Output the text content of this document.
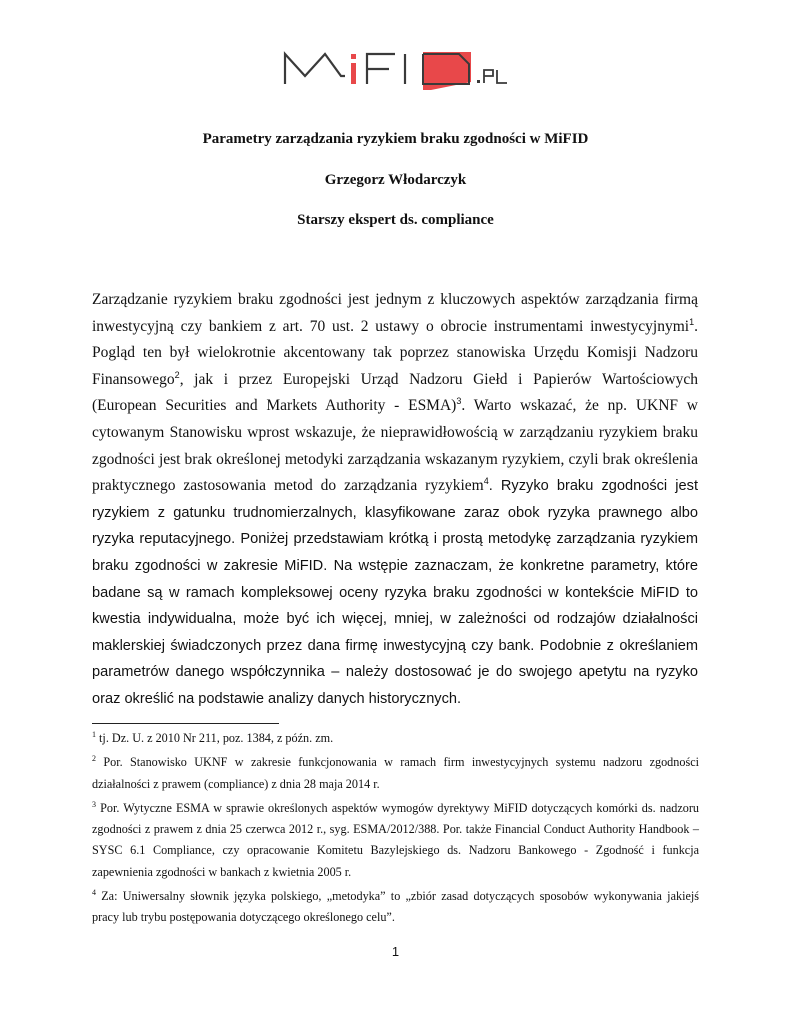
Parametry zarządzania ryzykiem braku zgodności w MiFID
Grzegorz Włodarczyk
Starszy ekspert ds. compliance

Zarządzanie ryzykiem braku zgodności jest jednym z kluczowych aspektów zarządzania firmą inwestycyjną czy bankiem z art. 70 ust. 2 ustawy o obrocie instrumentami inwestycyjnymi$^1$. Pogląd ten był wielokrotnie akcentowany tak poprzez stanowiska Urzędu Komisji Nadzoru Finansowego$^2$, jak i przez Europejski Urząd Nadzoru Giełd i Papierów Wartościowych (European Securities and Markets Authority - ESMA)$^3$. Warto wskazać, że np. UKNF w cytowanym Stanowisku wprost wskazuje, że nieprawidłowością w zarządzaniu ryzykiem braku zgodności jest brak określonej metodyki zarządzania wskazanym ryzykiem, czyli brak określenia praktycznego zastosowania metod do zarządzania ryzykiem$^4$. Ryzyko braku zgodności jest ryzykiem z gatunku trudnomierzalnych, klasyfikowane zaraz obok ryzyka prawnego albo ryzyka reputacyjnego. Poniżej przedstawiam krótką i prostą metodykę zarządzania ryzykiem braku zgodności w zakresie MiFID. Na wstępie zaznaczam, że konkretne parametry, które badane są w ramach kompleksowej oceny ryzyka braku zgodności w kontekście MiFID to kwestia indywidualna, może być ich więcej, mniej, w zależności od rodzajów działalności maklerskiej świadczonych przez dana firmę inwestycyjną czy bank. Podobnie z określaniem parametrów danego współczynnika – należy dostosować je do swojego apetytu na ryzyko oraz określić na podstawie analizy danych historycznych.

$^1$ tj. Dz. U. z 2010 Nr 211, poz. 1384, z późn. zm.

$^2$ Por. Stanowisko UKNF w zakresie funkcjonowania w ramach firm inwestycyjnych systemu nadzoru zgodności działalności z prawem (compliance) z dnia 28 maja 2014 r.

$^3$ Por. Wytyczne ESMA w sprawie określonych aspektów wymogów dyrektywy MiFID dotyczących komórki ds. nadzoru zgodności z prawem z dnia 25 czerwca 2012 r., syg. ESMA/2012/388. Por. także Financial Conduct Authority Handbook – SYSC 6.1 Compliance, czy opracowanie Komitetu Bazylejskiego ds. Nadzoru Bankowego - Zgodność i funkcja zapewnienia zgodności w bankach z kwietnia 2005 r.

$^4$ Za: Uniwersalny słownik języka polskiego, „metodyka” to „zbiór zasad dotyczących sposobów wykonywania jakiejś pracy lub trybu postępowania dotyczącego określonego celu”.

1
